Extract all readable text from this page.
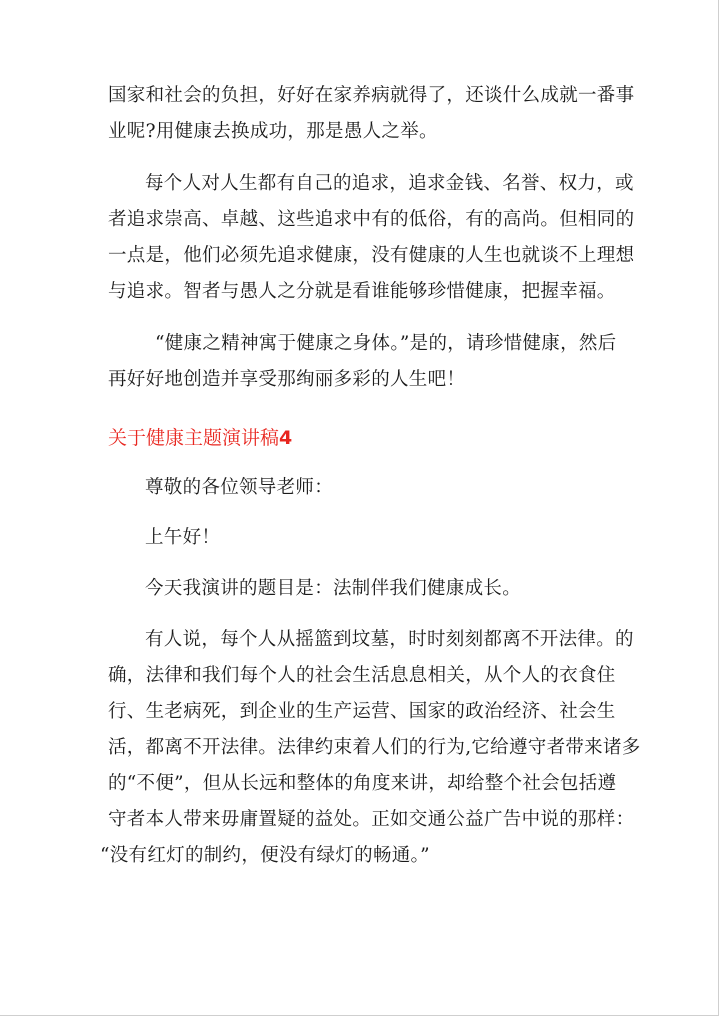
国家和社会的负担，好好在家养病就得了，还谈什么成就一番事
业呢?用健康去换成功，那是愚人之举。
每个人对人生都有自己的追求，追求金钱、名誉、权力，或
者追求崇高、卓越、这些追求中有的低俗，有的高尚。但相同的
一点是，他们必须先追求健康，没有健康的人生也就谈不上理想
与追求。智者与愚人之分就是看谁能够珍惜健康，把握幸福。
“健康之精神寓于健康之身体。”是的，请珍惜健康，然后
再好好地创造并享受那绚丽多彩的人生吧！
关于健康主题演讲稿4
尊敬的各位领导老师：
上午好！
今天我演讲的题目是：法制伴我们健康成长。
有人说，每个人从摇篮到坟墓，时时刻刻都离不开法律。的
确，法律和我们每个人的社会生活息息相关，从个人的衣食住
行、生老病死，到企业的生产运营、国家的政治经济、社会生
活，都离不开法律。法律约束着人们的行为,它给遵守者带来诸多
的“不便”，但从长远和整体的角度来讲，却给整个社会包括遵
守者本人带来毋庸置疑的益处。正如交通公益广告中说的那样：
“没有红灯的制约，便没有绿灯的畅通。”
